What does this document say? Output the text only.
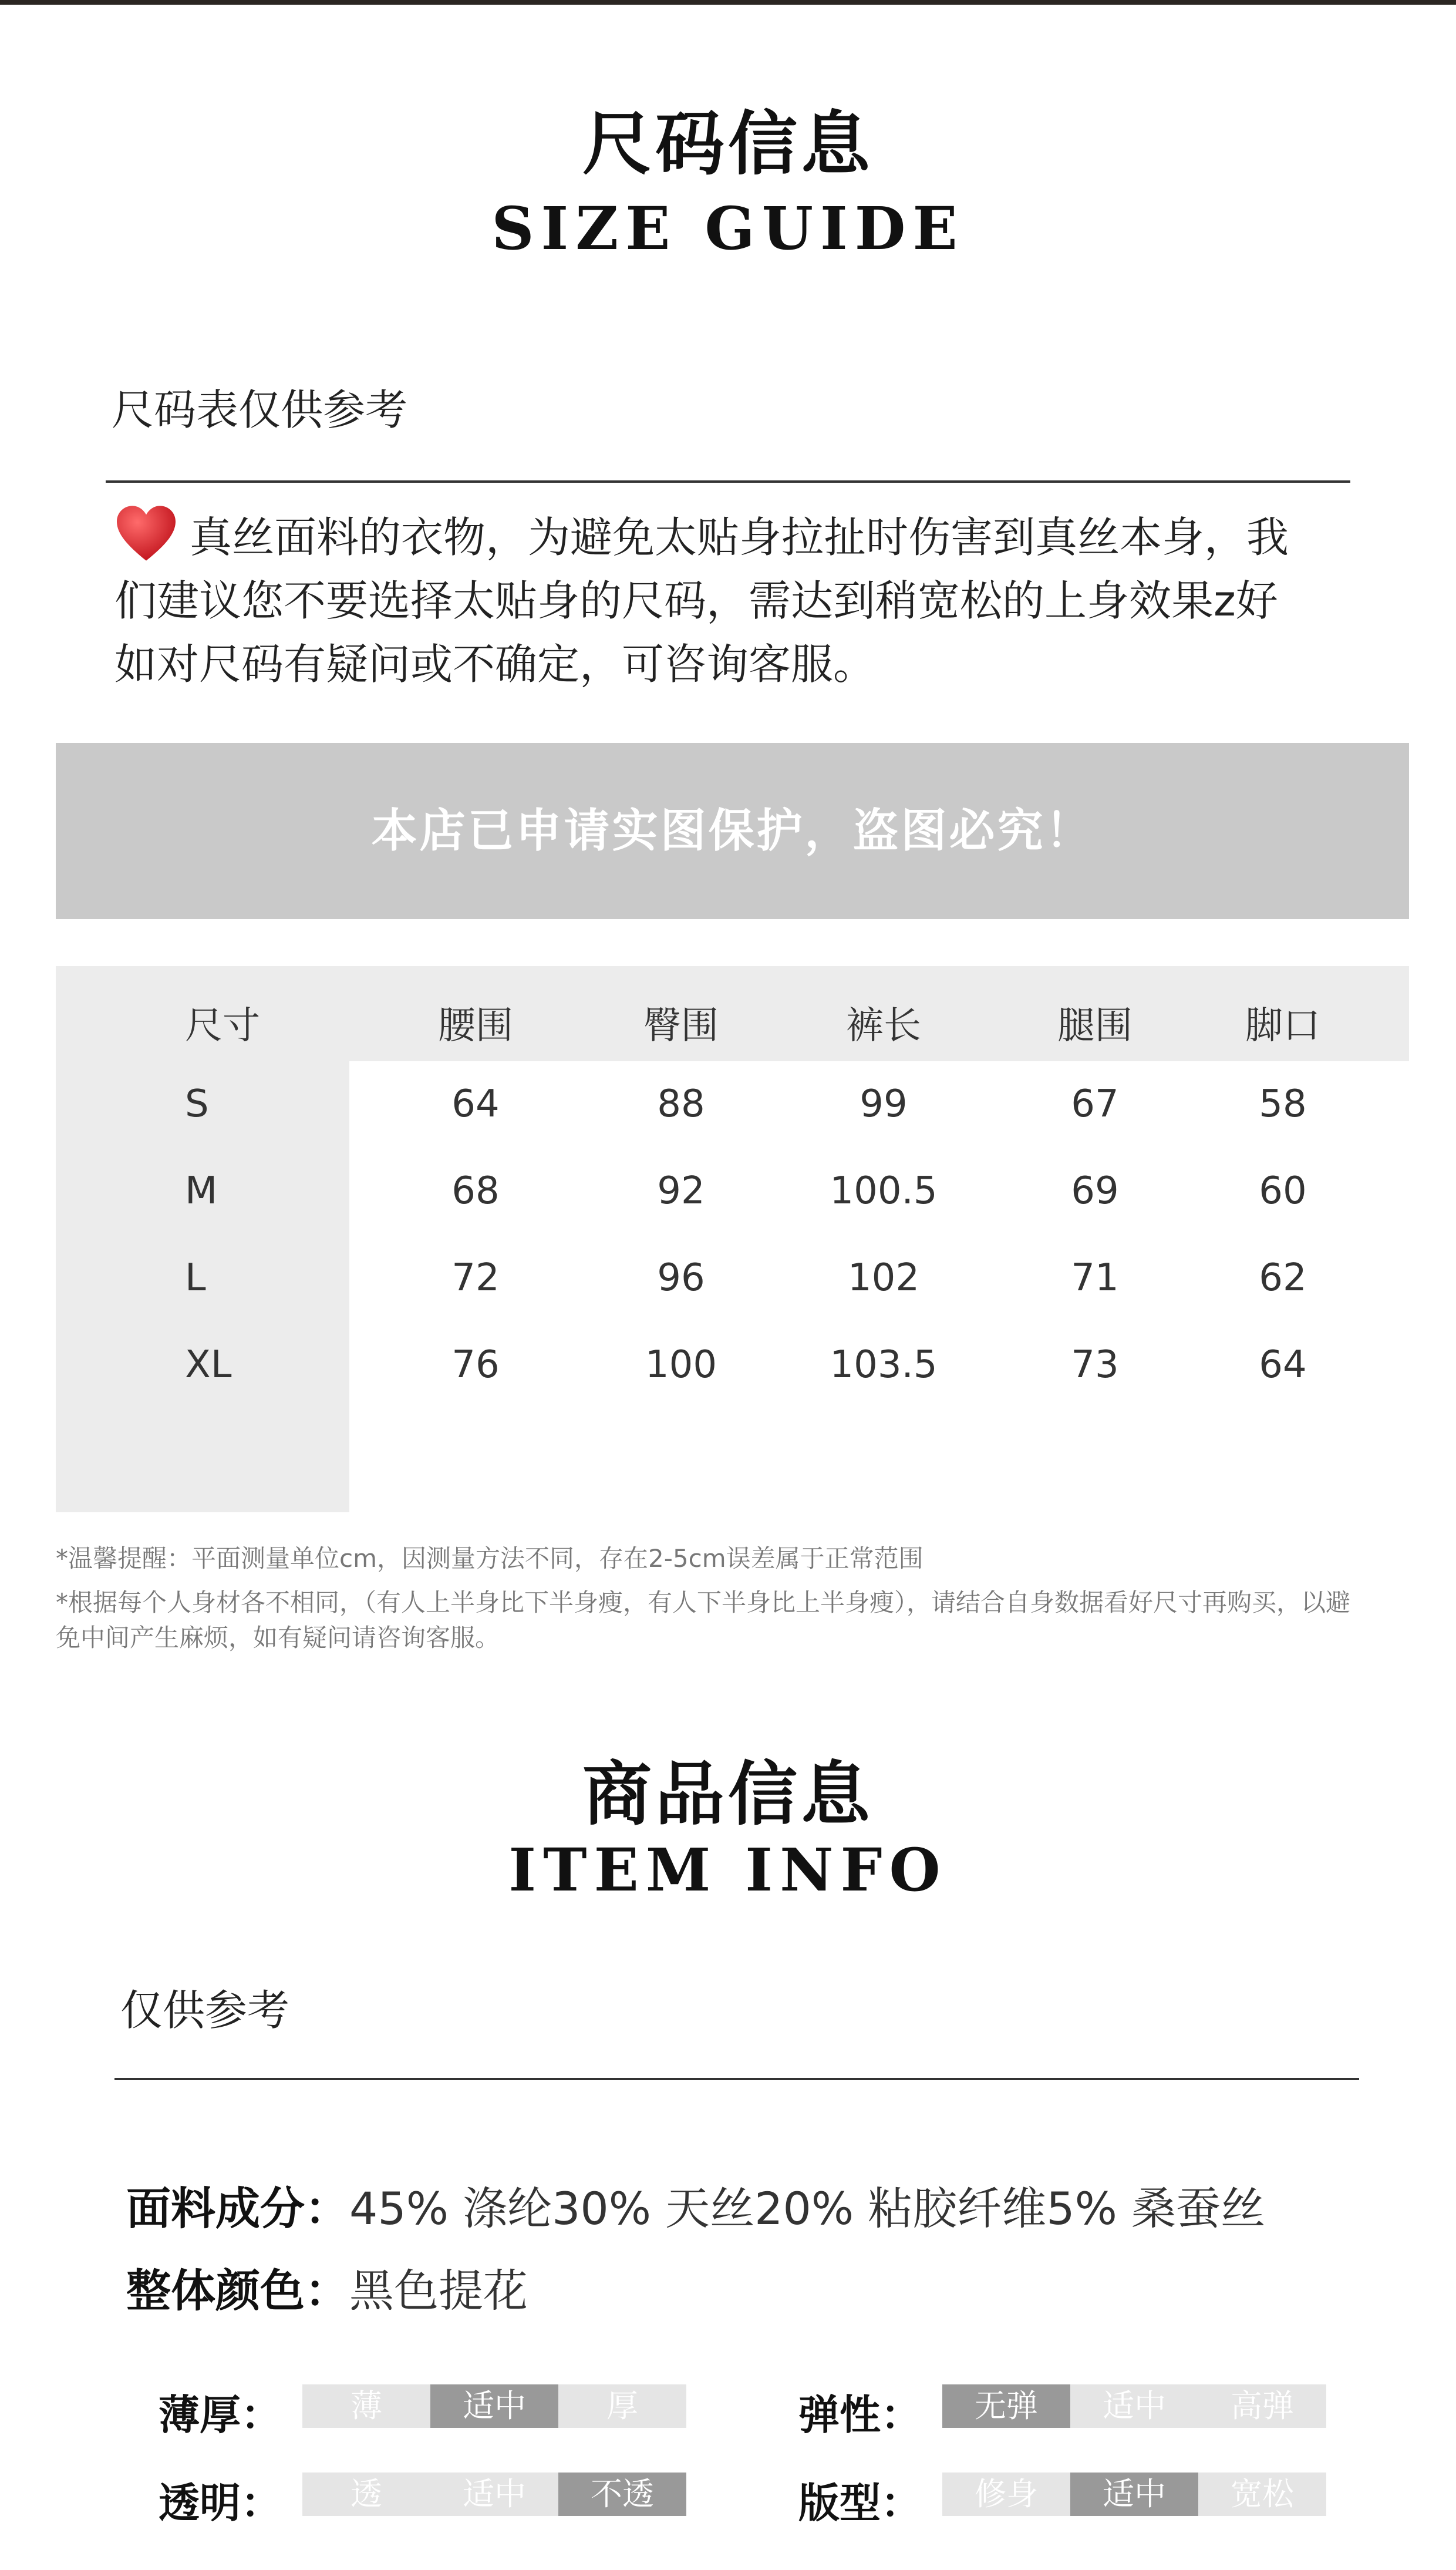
尺码信息
SIZE GUIDE
尺码表仅供参考
真丝面料的衣物，为避免太贴身拉扯时伤害到真丝本身，我
们建议您不要选择太贴身的尺码，需达到稍宽松的上身效果z好
如对尺码有疑问或不确定，可咨询客服。
本店已申请实图保护，盗图必究！
尺寸	腰围	臀围	裤长	腿围	脚口
S	64	88	99	67	58
M	68	92	100.5	69	60
L	72	96	102	71	62
XL	76	100	103.5	73	64
*温馨提醒：平面测量单位cm，因测量方法不同，存在2-5cm误差属于正常范围
*根据每个人身材各不相同，（有人上半身比下半身瘦，有人下半身比上半身瘦），请结合自身数据看好尺寸再购买，以避
免中间产生麻烦，如有疑问请咨询客服。
商品信息
ITEM INFO
仅供参考
面料成分：45% 涤纶30% 天丝20% 粘胶纤维5% 桑蚕丝
整体颜色：黑色提花
薄厚：	薄	适中	厚	弹性：	无弹	适中	高弹
透明：	透	适中	不透	版型：	修身	适中	宽松
